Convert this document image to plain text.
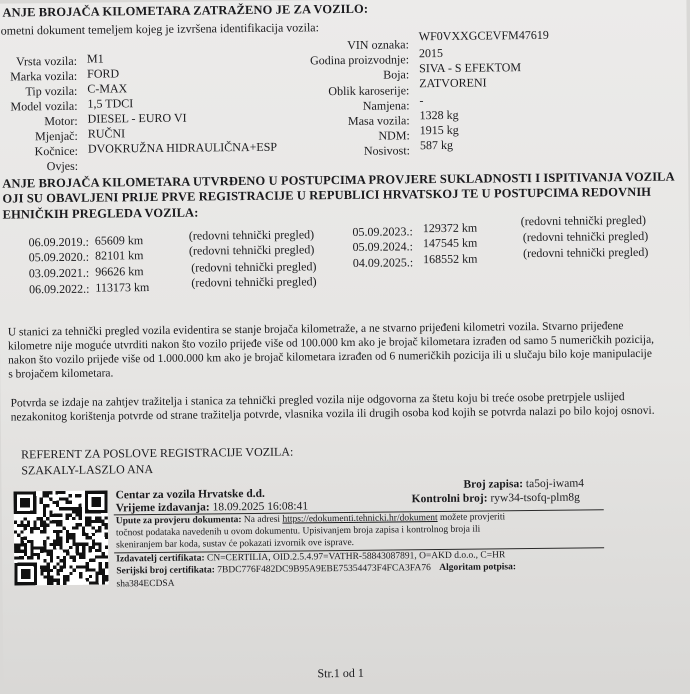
ANJE BROJAČA KILOMETARA ZATRAŽENO JE ZA VOZILO:
ometni dokument temeljem kojeg je izvršena identifikacija vozila:
Vrsta vozila: M1
Marka vozila: FORD
Tip vozila: C-MAX
Model vozila: 1,5 TDCI
Motor: DIESEL - EURO VI
Mjenjač: RUČNI
Kočnice: DVOKRUŽNA HIDRAULIČNA+ESP
Ovjes:
VIN oznaka:
WF0VXXGCEVFM47619
Godina proizvodnje: 2015
Boja: SIVA - S EFEKTOM
Oblik karoserije:
ZATVORENI
Namjena: -
Masa vozila: 1328 kg
NDM: 1915 kg
Nosivost: 587 kg
ANJE BROJAČA KILOMETARA UTVRĐENO U POSTUPCIMA PROVJERE SUKLADNOSTI I ISPITIVANJA VOZILA
OJI SU OBAVLJENI PRIJE PRVE REGISTRACIJE U REPUBLICI HRVATSKOJ TE U POSTUPCIMA REDOVNIH
EHNIČKIH PREGLEDA VOZILA:
06.09.2019.: 65609 km	(redovni tehnički pregled)
05.09.2020.: 82101 km	(redovni tehnički pregled)
03.09.2021.: 96626 km	(redovni tehnički pregled)
06.09.2022.: 113173 km	(redovni tehnički pregled)
05.09.2023.: 129372 km	(redovni tehnički pregled)
05.09.2024.: 147545 km	(redovni tehnički pregled)
04.09.2025.: 168552 km	(redovni tehnički pregled)
U stanici za tehnički pregled vozila evidentira se stanje brojača kilometraže, a ne stvarno prijeđeni kilometri vozila. Stvarno prijeđene
kilometre nije moguće utvrditi nakon što vozilo prijeđe više od 100.000 km ako je brojač kilometara izrađen od samo 5 numeričkih pozicija,
nakon što vozilo prijeđe više od 1.000.000 km ako je brojač kilometara izrađen od 6 numeričkih pozicija ili u slučaju bilo koje manipulacije
s brojačem kilometara.
Potvrda se izdaje na zahtjev tražitelja i stanica za tehnički pregled vozila nije odgovorna za štetu koju bi treće osobe pretrpjele uslijed
nezakonitog korištenja potvrde od strane tražitelja potvrde, vlasnika vozila ili drugih osoba kod kojih se potvrda nalazi po bilo kojoj osnovi.
REFERENT ZA POSLOVE REGISTRACIJE VOZILA:
SZAKALY-LASZLO ANA
Centar za vozila Hrvatske d.d.
Vrijeme izdavanja: 18.09.2025 16:08:41
Broj zapisa: ta5oj-iwam4
Kontrolni broj: ryw34-tsofq-plm8g
Upute za provjeru dokumenta: Na adresi https://edokumenti.tehnicki.hr/dokument možete provjeriti
točnost podataka navedenih u ovom dokumentu. Upisivanjem broja zapisa i kontrolnog broja ili
skeniranjem bar koda, sustav će pokazati izvornik ove isprave.
Izdavatelj certifikata: CN=CERTILIA, OID.2.5.4.97=VATHR-58843087891, O=AKD d.o.o., C=HR
Serijski broj certifikata: 7BDC776F482DC9B95A9EBE75354473F4FCA3FA76 Algoritam potpisa:
sha384ECDSA
Str.1 od 1
